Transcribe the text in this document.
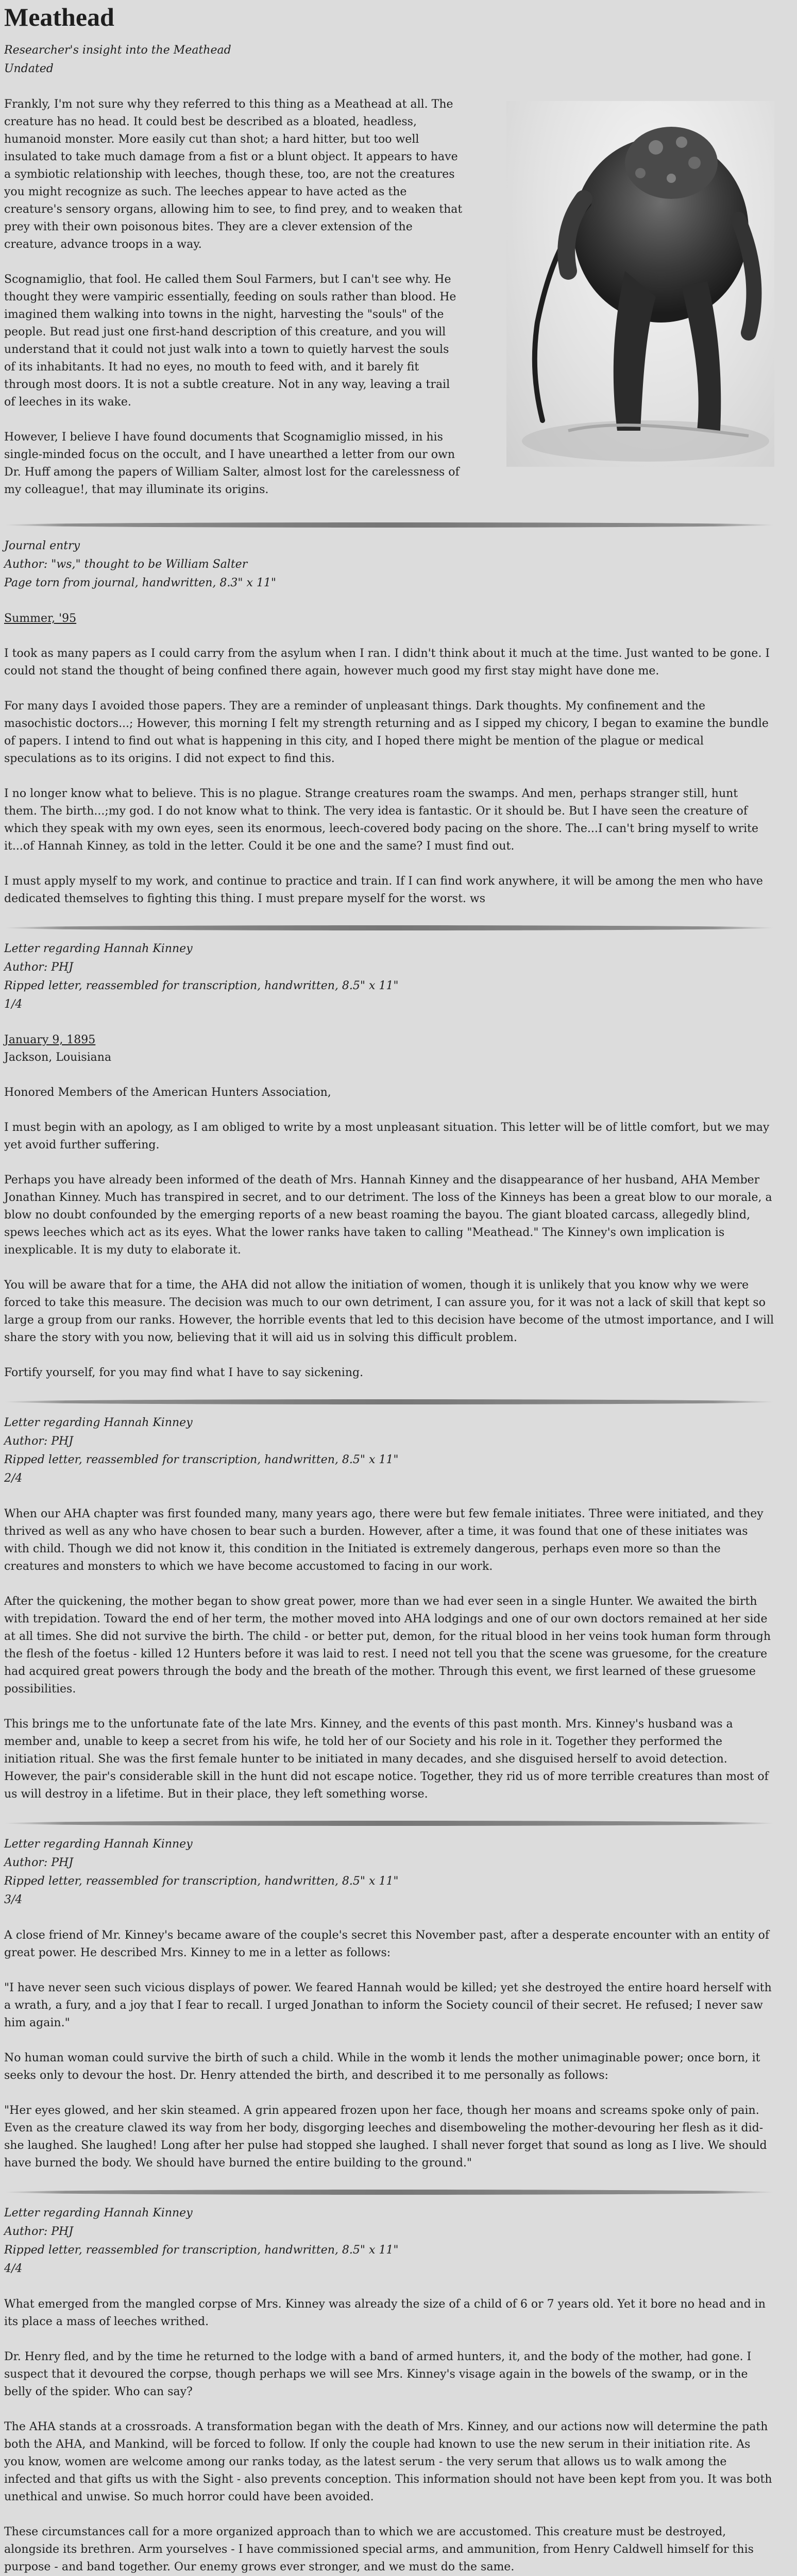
Meathead
Researcher's insight into the Meathead
Undated

Frankly, I'm not sure why they referred to this thing as a Meathead at all. The creature has no head. It could best be described as a bloated, headless, humanoid monster. More easily cut than shot; a hard hitter, but too well insulated to take much damage from a fist or a blunt object. It appears to have a symbiotic relationship with leeches, though these, too, are not the creatures you might recognize as such. The leeches appear to have acted as the creature's sensory organs, allowing him to see, to find prey, and to weaken that prey with their own poisonous bites. They are a clever extension of the creature, advance troops in a way.

Scognamiglio, that fool. He called them Soul Farmers, but I can't see why. He thought they were vampiric essentially, feeding on souls rather than blood. He imagined them walking into towns in the night, harvesting the "souls" of the people. But read just one first-hand description of this creature, and you will understand that it could not just walk into a town to quietly harvest the souls of its inhabitants. It had no eyes, no mouth to feed with, and it barely fit through most doors. It is not a subtle creature. Not in any way, leaving a trail of leeches in its wake.

However, I believe I have found documents that Scognamiglio missed, in his single-minded focus on the occult, and I have unearthed a letter from our own Dr. Huff among the papers of William Salter, almost lost for the carelessness of my colleague!, that may illuminate its origins.

Journal entry
Author: "ws," thought to be William Salter
Page torn from journal, handwritten, 8.3" x 11"

Summer, '95

I took as many papers as I could carry from the asylum when I ran. I didn't think about it much at the time. Just wanted to be gone. I could not stand the thought of being confined there again, however much good my first stay might have done me.

For many days I avoided those papers. They are a reminder of unpleasant things. Dark thoughts. My confinement and the masochistic doctors...; However, this morning I felt my strength returning and as I sipped my chicory, I began to examine the bundle of papers. I intend to find out what is happening in this city, and I hoped there might be mention of the plague or medical speculations as to its origins. I did not expect to find this.

I no longer know what to believe. This is no plague. Strange creatures roam the swamps. And men, perhaps stranger still, hunt them. The birth...;my god. I do not know what to think. The very idea is fantastic. Or it should be. But I have seen the creature of which they speak with my own eyes, seen its enormous, leech-covered body pacing on the shore. The...I can't bring myself to write it...of Hannah Kinney, as told in the letter. Could it be one and the same? I must find out.

I must apply myself to my work, and continue to practice and train. If I can find work anywhere, it will be among the men who have dedicated themselves to fighting this thing. I must prepare myself for the worst. ws

Letter regarding Hannah Kinney
Author: PHJ
Ripped letter, reassembled for transcription, handwritten, 8.5" x 11"
1/4

January 9, 1895

Jackson, Louisiana

Honored Members of the American Hunters Association,

I must begin with an apology, as I am obliged to write by a most unpleasant situation. This letter will be of little comfort, but we may yet avoid further suffering.

Perhaps you have already been informed of the death of Mrs. Hannah Kinney and the disappearance of her husband, AHA Member Jonathan Kinney. Much has transpired in secret, and to our detriment. The loss of the Kinneys has been a great blow to our morale, a blow no doubt confounded by the emerging reports of a new beast roaming the bayou. The giant bloated carcass, allegedly blind, spews leeches which act as its eyes. What the lower ranks have taken to calling "Meathead." The Kinney's own implication is inexplicable. It is my duty to elaborate it.

You will be aware that for a time, the AHA did not allow the initiation of women, though it is unlikely that you know why we were forced to take this measure. The decision was much to our own detriment, I can assure you, for it was not a lack of skill that kept so large a group from our ranks. However, the horrible events that led to this decision have become of the utmost importance, and I will share the story with you now, believing that it will aid us in solving this difficult problem.

Fortify yourself, for you may find what I have to say sickening.

Letter regarding Hannah Kinney
Author: PHJ
Ripped letter, reassembled for transcription, handwritten, 8.5" x 11"
2/4

When our AHA chapter was first founded many, many years ago, there were but few female initiates. Three were initiated, and they thrived as well as any who have chosen to bear such a burden. However, after a time, it was found that one of these initiates was with child. Though we did not know it, this condition in the Initiated is extremely dangerous, perhaps even more so than the creatures and monsters to which we have become accustomed to facing in our work.

After the quickening, the mother began to show great power, more than we had ever seen in a single Hunter. We awaited the birth with trepidation. Toward the end of her term, the mother moved into AHA lodgings and one of our own doctors remained at her side at all times. She did not survive the birth. The child - or better put, demon, for the ritual blood in her veins took human form through the flesh of the foetus - killed 12 Hunters before it was laid to rest. I need not tell you that the scene was gruesome, for the creature had acquired great powers through the body and the breath of the mother. Through this event, we first learned of these gruesome possibilities.

This brings me to the unfortunate fate of the late Mrs. Kinney, and the events of this past month. Mrs. Kinney's husband was a member and, unable to keep a secret from his wife, he told her of our Society and his role in it. Together they performed the initiation ritual. She was the first female hunter to be initiated in many decades, and she disguised herself to avoid detection. However, the pair's considerable skill in the hunt did not escape notice. Together, they rid us of more terrible creatures than most of us will destroy in a lifetime. But in their place, they left something worse.

Letter regarding Hannah Kinney
Author: PHJ
Ripped letter, reassembled for transcription, handwritten, 8.5" x 11"
3/4

A close friend of Mr. Kinney's became aware of the couple's secret this November past, after a desperate encounter with an entity of great power. He described Mrs. Kinney to me in a letter as follows:

"I have never seen such vicious displays of power. We feared Hannah would be killed; yet she destroyed the entire hoard herself with a wrath, a fury, and a joy that I fear to recall. I urged Jonathan to inform the Society council of their secret. He refused; I never saw him again."

No human woman could survive the birth of such a child. While in the womb it lends the mother unimaginable power; once born, it seeks only to devour the host. Dr. Henry attended the birth, and described it to me personally as follows:

"Her eyes glowed, and her skin steamed. A grin appeared frozen upon her face, though her moans and screams spoke only of pain. Even as the creature clawed its way from her body, disgorging leeches and disemboweling the mother-devouring her flesh as it did-she laughed. She laughed! Long after her pulse had stopped she laughed. I shall never forget that sound as long as I live. We should have burned the body. We should have burned the entire building to the ground."

Letter regarding Hannah Kinney
Author: PHJ
Ripped letter, reassembled for transcription, handwritten, 8.5" x 11"
4/4

What emerged from the mangled corpse of Mrs. Kinney was already the size of a child of 6 or 7 years old. Yet it bore no head and in its place a mass of leeches writhed.

Dr. Henry fled, and by the time he returned to the lodge with a band of armed hunters, it, and the body of the mother, had gone. I suspect that it devoured the corpse, though perhaps we will see Mrs. Kinney's visage again in the bowels of the swamp, or in the belly of the spider. Who can say?

The AHA stands at a crossroads. A transformation began with the death of Mrs. Kinney, and our actions now will determine the path both the AHA, and Mankind, will be forced to follow. If only the couple had known to use the new serum in their initiation rite. As you know, women are welcome among our ranks today, as the latest serum - the very serum that allows us to walk among the infected and that gifts us with the Sight - also prevents conception. This information should not have been kept from you. It was both unethical and unwise. So much horror could have been avoided.

These circumstances call for a more organized approach than to which we are accustomed. This creature must be destroyed, alongside its brethren. Arm yourselves - I have commissioned special arms, and ammunition, from Henry Caldwell himself for this purpose - and band together. Our enemy grows ever stronger, and we must do the same.
